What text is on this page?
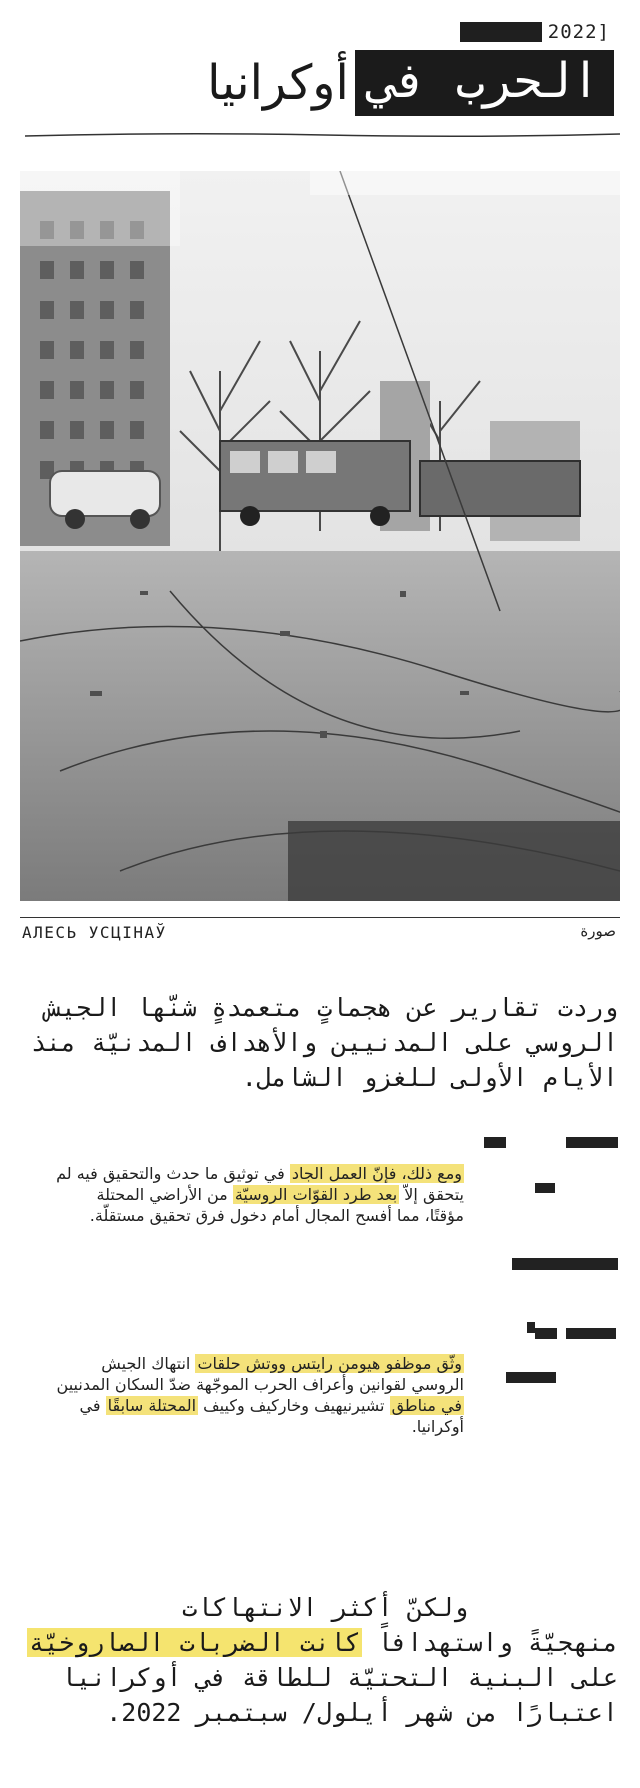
2022]
الحرب في
أوكرانيا
АЛЕСЬ УСЦІНАЎ	صورة
وردت تقارير عن هجماتٍ متعمدةٍ شنّها الجيش الروسي على المدنيين والأهداف المدنيّة منذ الأيام الأولى للغزو الشامل.
ومع ذلك، فإنّ العمل الجاد في توثيق ما حدث والتحقيق فيه لم يتحقق إلاّ بعد طرد القوّات الروسيّة من الأراضي المحتلة مؤقتًا، مما أفسح المجال أمام دخول فرق تحقيق مستقلّة.
وثّق موظفو هيومن رايتس ووتش حلقات انتهاك الجيش الروسي لقوانين وأعراف الحرب الموجّهة ضدّ السكان المدنيين في مناطق تشيرنيهيف وخاركيف وكييف المحتلة سابقًا في أوكرانيا.
ولكنّ أكثر الانتهاكات
منهجيّةً واستهدافاً كانت الضربات الصاروخيّة على البنية التحتيّة للطاقة في أوكرانيا اعتبارًا من شهر أيلول/ سبتمبر 2022.
